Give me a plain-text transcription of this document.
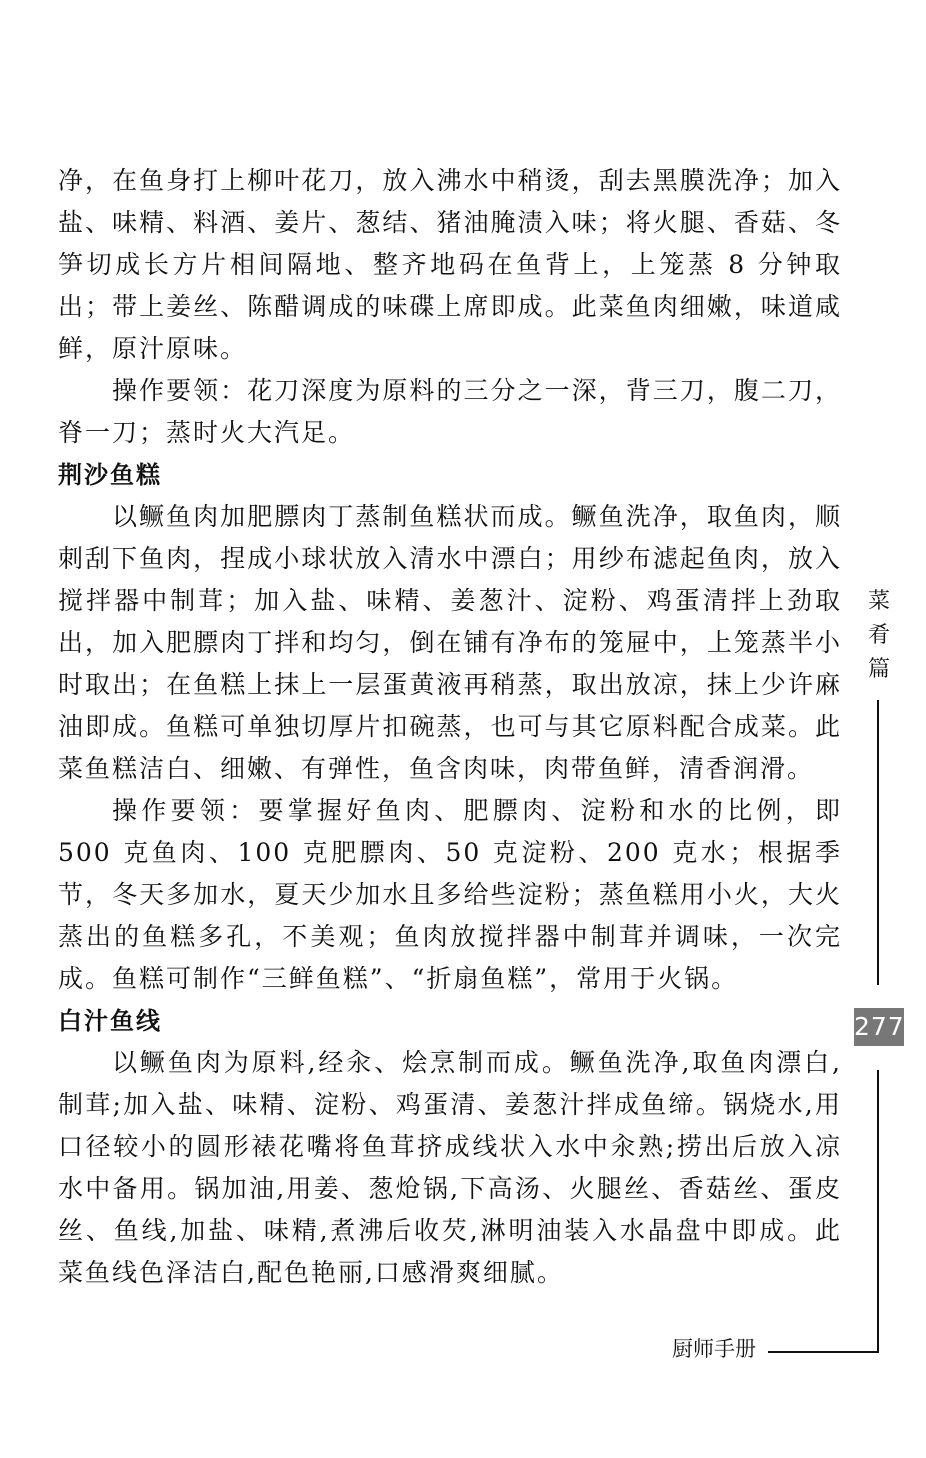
净，在鱼身打上柳叶花刀，放入沸水中稍烫，刮去黑膜洗净；加入盐、味精、料酒、姜片、葱结、猪油腌渍入味；将火腿、香菇、冬笋切成长方片相间隔地、整齐地码在鱼背上，上笼蒸 8 分钟取出；带上姜丝、陈醋调成的味碟上席即成。此菜鱼肉细嫩，味道咸鲜，原汁原味。

操作要领：花刀深度为原料的三分之一深，背三刀，腹二刀，脊一刀；蒸时火大汽足。

荆沙鱼糕

以鳜鱼肉加肥膘肉丁蒸制鱼糕状而成。鳜鱼洗净，取鱼肉，顺刺刮下鱼肉，捏成小球状放入清水中漂白；用纱布滤起鱼肉，放入搅拌器中制茸；加入盐、味精、姜葱汁、淀粉、鸡蛋清拌上劲取出，加入肥膘肉丁拌和均匀，倒在铺有净布的笼屉中，上笼蒸半小时取出；在鱼糕上抹上一层蛋黄液再稍蒸，取出放凉，抹上少许麻油即成。鱼糕可单独切厚片扣碗蒸，也可与其它原料配合成菜。此菜鱼糕洁白、细嫩、有弹性，鱼含肉味，肉带鱼鲜，清香润滑。

操作要领：要掌握好鱼肉、肥膘肉、淀粉和水的比例，即 500 克鱼肉、100 克肥膘肉、50 克淀粉、200 克水；根据季节，冬天多加水，夏天少加水且多给些淀粉；蒸鱼糕用小火，大火蒸出的鱼糕多孔，不美观；鱼肉放搅拌器中制茸并调味，一次完成。鱼糕可制作“三鲜鱼糕”、“折扇鱼糕”，常用于火锅。

白汁鱼线

以鳜鱼肉为原料,经汆、烩烹制而成。鳜鱼洗净,取鱼肉漂白,制茸;加入盐、味精、淀粉、鸡蛋清、姜葱汁拌成鱼缔。锅烧水,用口径较小的圆形裱花嘴将鱼茸挤成线状入水中汆熟;捞出后放入凉水中备用。锅加油,用姜、葱炝锅,下高汤、火腿丝、香菇丝、蛋皮丝、鱼线,加盐、味精,煮沸后收芡,淋明油装入水晶盘中即成。此菜鱼线色泽洁白,配色艳丽,口感滑爽细腻。

菜肴篇
277
厨师手册
